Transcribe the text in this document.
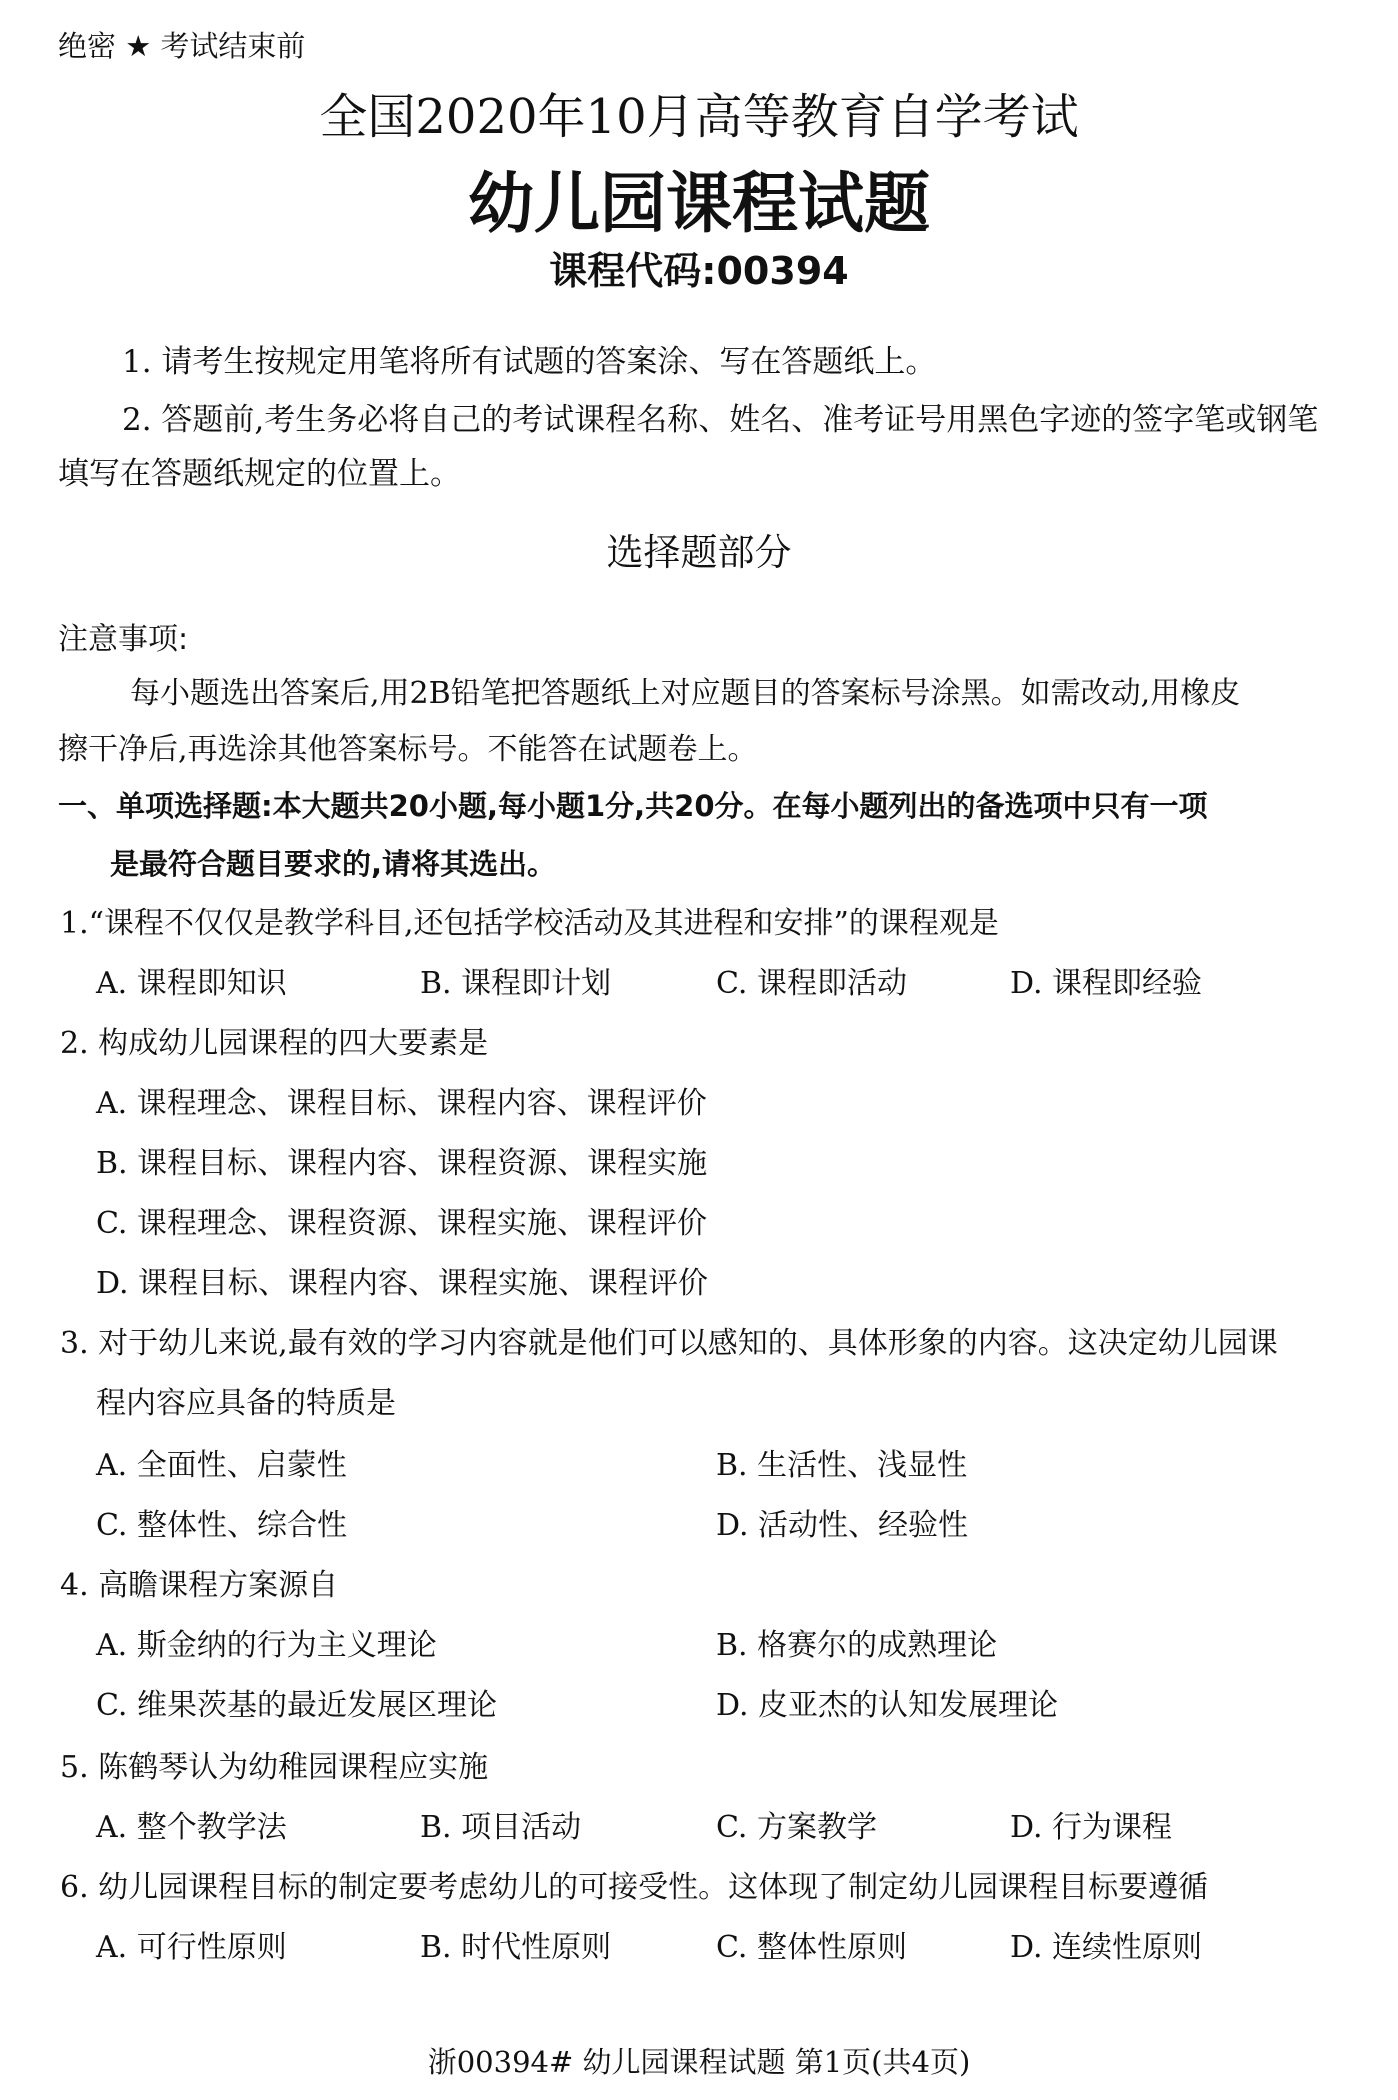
绝密 ★ 考试结束前
全国2020年10月高等教育自学考试
幼儿园课程试题
课程代码:00394
1. 请考生按规定用笔将所有试题的答案涂、写在答题纸上。
2. 答题前,考生务必将自己的考试课程名称、姓名、准考证号用黑色字迹的签字笔或钢笔
填写在答题纸规定的位置上。
选择题部分
注意事项:
每小题选出答案后,用2B铅笔把答题纸上对应题目的答案标号涂黑。如需改动,用橡皮
擦干净后,再选涂其他答案标号。不能答在试题卷上。
一、单项选择题:本大题共20小题,每小题1分,共20分。在每小题列出的备选项中只有一项
是最符合题目要求的,请将其选出。
1.“课程不仅仅是教学科目,还包括学校活动及其进程和安排”的课程观是
A. 课程即知识	B. 课程即计划	C. 课程即活动	D. 课程即经验
2. 构成幼儿园课程的四大要素是
A. 课程理念、课程目标、课程内容、课程评价
B. 课程目标、课程内容、课程资源、课程实施
C. 课程理念、课程资源、课程实施、课程评价
D. 课程目标、课程内容、课程实施、课程评价
3. 对于幼儿来说,最有效的学习内容就是他们可以感知的、具体形象的内容。这决定幼儿园课
程内容应具备的特质是
A. 全面性、启蒙性	B. 生活性、浅显性
C. 整体性、综合性	D. 活动性、经验性
4. 高瞻课程方案源自
A. 斯金纳的行为主义理论	B. 格赛尔的成熟理论
C. 维果茨基的最近发展区理论	D. 皮亚杰的认知发展理论
5. 陈鹤琴认为幼稚园课程应实施
A. 整个教学法	B. 项目活动	C. 方案教学	D. 行为课程
6. 幼儿园课程目标的制定要考虑幼儿的可接受性。这体现了制定幼儿园课程目标要遵循
A. 可行性原则	B. 时代性原则	C. 整体性原则	D. 连续性原则
浙00394# 幼儿园课程试题 第1页(共4页)
